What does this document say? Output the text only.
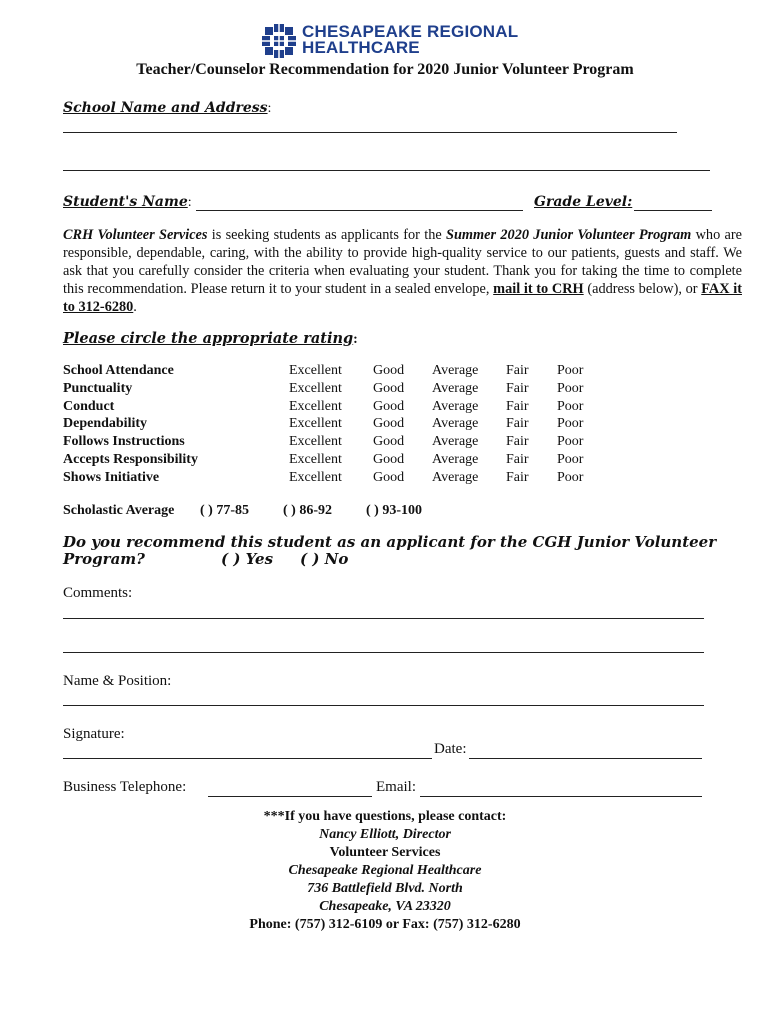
CHESAPEAKE REGIONAL
HEALTHCARE
Teacher/Counselor Recommendation for 2020 Junior Volunteer Program
School Name and Address:
Student's Name:	Grade Level:
CRH Volunteer Services is seeking students as applicants for the Summer 2020 Junior Volunteer Program who are responsible, dependable, caring, with the ability to provide high-quality service to our patients, guests and staff. We ask that you carefully consider the criteria when evaluating your student. Thank you for taking the time to complete this recommendation. Please return it to your student in a sealed envelope, mail it to CRH (address below), or FAX it to 312-6280.
Please circle the appropriate rating:
School Attendance	Excellent Good Average Fair Poor
Punctuality	Excellent Good Average Fair Poor
Conduct	Excellent Good Average Fair Poor
Dependability	Excellent Good Average Fair Poor
Follows Instructions	Excellent Good Average Fair Poor
Accepts Responsibility	Excellent Good Average Fair Poor
Shows Initiative	Excellent Good Average Fair Poor
Scholastic Average ( ) 77-85 ( ) 86-92 ( ) 93-100
Do you recommend this student as an applicant for the CGH Junior Volunteer
Program?	( ) Yes ( ) No
Comments:
Name & Position:
Signature:
Date:
Business Telephone:	Email:
***If you have questions, please contact:
Nancy Elliott, Director
Volunteer Services
Chesapeake Regional Healthcare
736 Battlefield Blvd. North
Chesapeake, VA 23320
Phone: (757) 312-6109 or Fax: (757) 312-6280
